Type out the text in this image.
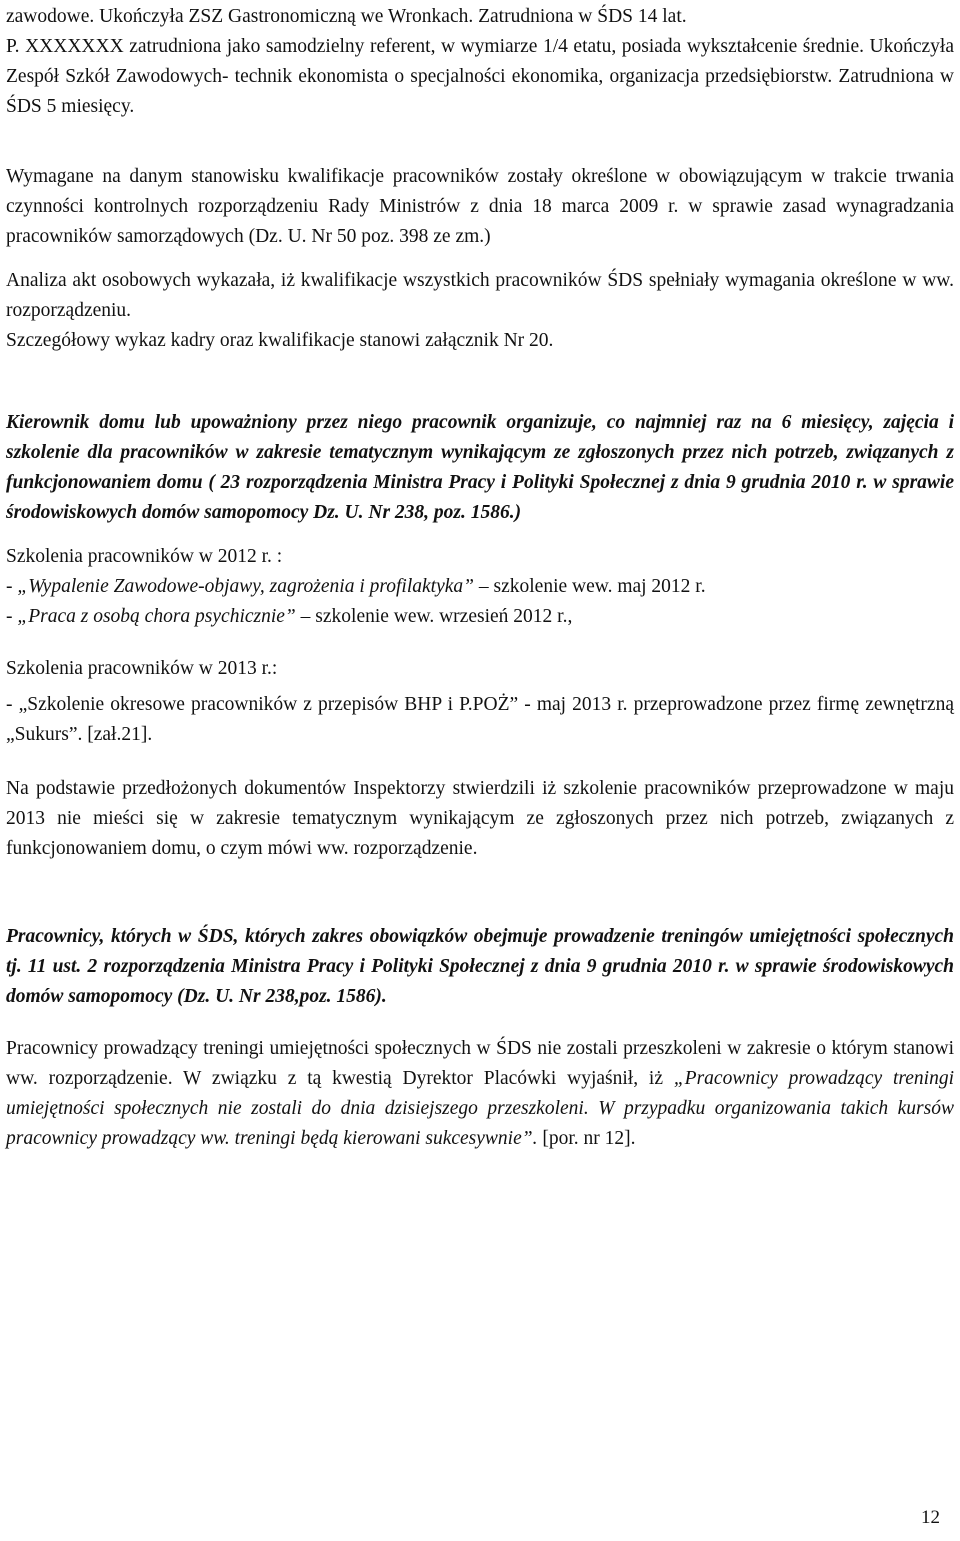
zawodowe. Ukończyła ZSZ Gastronomiczną we Wronkach. Zatrudniona w ŚDS 14 lat.

P. XXXXXXX zatrudniona jako samodzielny referent, w wymiarze 1/4 etatu, posiada wykształcenie średnie. Ukończyła Zespół Szkół Zawodowych- technik ekonomista o specjalności ekonomika, organizacja przedsiębiorstw. Zatrudniona w ŚDS 5 miesięcy.

Wymagane na danym stanowisku kwalifikacje pracowników zostały określone w obowiązującym w trakcie trwania czynności kontrolnych rozporządzeniu Rady Ministrów z dnia 18 marca 2009 r. w sprawie zasad wynagradzania pracowników samorządowych (Dz. U. Nr 50 poz. 398 ze zm.)

Analiza akt osobowych wykazała, iż kwalifikacje wszystkich pracowników ŚDS spełniały wymagania określone w ww. rozporządzeniu.

Szczegółowy wykaz kadry oraz kwalifikacje stanowi załącznik Nr 20.

Kierownik domu lub upoważniony przez niego pracownik organizuje, co najmniej raz na 6 miesięcy, zajęcia i szkolenie dla pracowników w zakresie tematycznym wynikającym ze zgłoszonych przez nich potrzeb, związanych z funkcjonowaniem domu ( 23 rozporządzenia Ministra Pracy i Polityki Społecznej z dnia 9 grudnia 2010 r. w sprawie środowiskowych domów samopomocy Dz. U. Nr 238, poz. 1586.)

Szkolenia pracowników w 2012 r. :

- „Wypalenie Zawodowe-objawy, zagrożenia i profilaktyka” – szkolenie wew. maj 2012 r.

- „Praca z osobą chora psychicznie” – szkolenie wew. wrzesień 2012 r.,

Szkolenia pracowników w 2013 r.:

- „Szkolenie okresowe pracowników z przepisów BHP i P.POŻ” - maj 2013 r. przeprowadzone przez firmę zewnętrzną „Sukurs”. [zał.21].

Na podstawie przedłożonych dokumentów Inspektorzy stwierdzili iż szkolenie pracowników przeprowadzone w maju 2013 nie mieści się w zakresie tematycznym wynikającym ze zgłoszonych przez nich potrzeb, związanych z funkcjonowaniem domu, o czym mówi ww. rozporządzenie.

Pracownicy, których w ŚDS, których zakres obowiązków obejmuje prowadzenie treningów umiejętności społecznych tj. 11 ust. 2 rozporządzenia Ministra Pracy i Polityki Społecznej z dnia 9 grudnia 2010 r. w sprawie środowiskowych domów samopomocy (Dz. U. Nr 238,poz. 1586).

Pracownicy prowadzący treningi umiejętności społecznych w ŚDS nie zostali przeszkoleni w zakresie o którym stanowi ww. rozporządzenie. W związku z tą kwestią Dyrektor Placówki wyjaśnił, iż „Pracownicy prowadzący treningi umiejętności społecznych nie zostali do dnia dzisiejszego przeszkoleni. W przypadku organizowania takich kursów pracownicy prowadzący ww. treningi będą kierowani sukcesywnie”. [por. nr 12].

12
